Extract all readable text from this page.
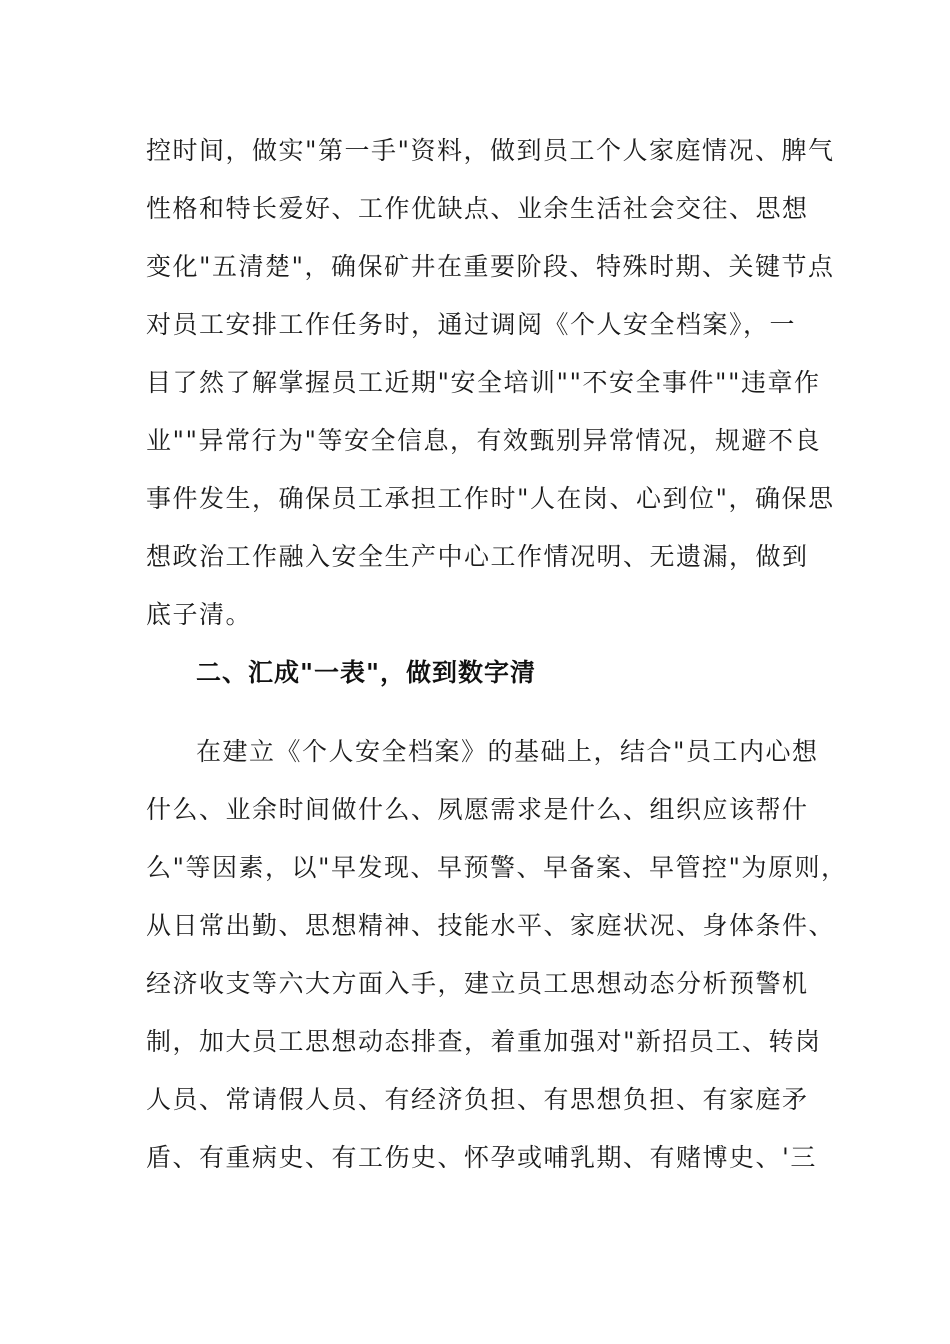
控时间，做实"第一手"资料，做到员工个人家庭情况、脾气
性格和特长爱好、工作优缺点、业余生活社会交往、思想
变化"五清楚"，确保矿井在重要阶段、特殊时期、关键节点
对员工安排工作任务时，通过调阅《个人安全档案》，一
目了然了解掌握员工近期"安全培训""不安全事件""违章作
业""异常行为"等安全信息，有效甄别异常情况，规避不良
事件发生，确保员工承担工作时"人在岗、心到位"，确保思
想政治工作融入安全生产中心工作情况明、无遗漏，做到
底子清。
二、汇成"一表"，做到数字清
在建立《个人安全档案》的基础上，结合"员工内心想
什么、业余时间做什么、夙愿需求是什么、组织应该帮什
么"等因素，以"早发现、早预警、早备案、早管控"为原则，
从日常出勤、思想精神、技能水平、家庭状况、身体条件、
经济收支等六大方面入手，建立员工思想动态分析预警机
制，加大员工思想动态排查，着重加强对"新招员工、转岗
人员、常请假人员、有经济负担、有思想负担、有家庭矛
盾、有重病史、有工伤史、怀孕或哺乳期、有赌博史、'三
